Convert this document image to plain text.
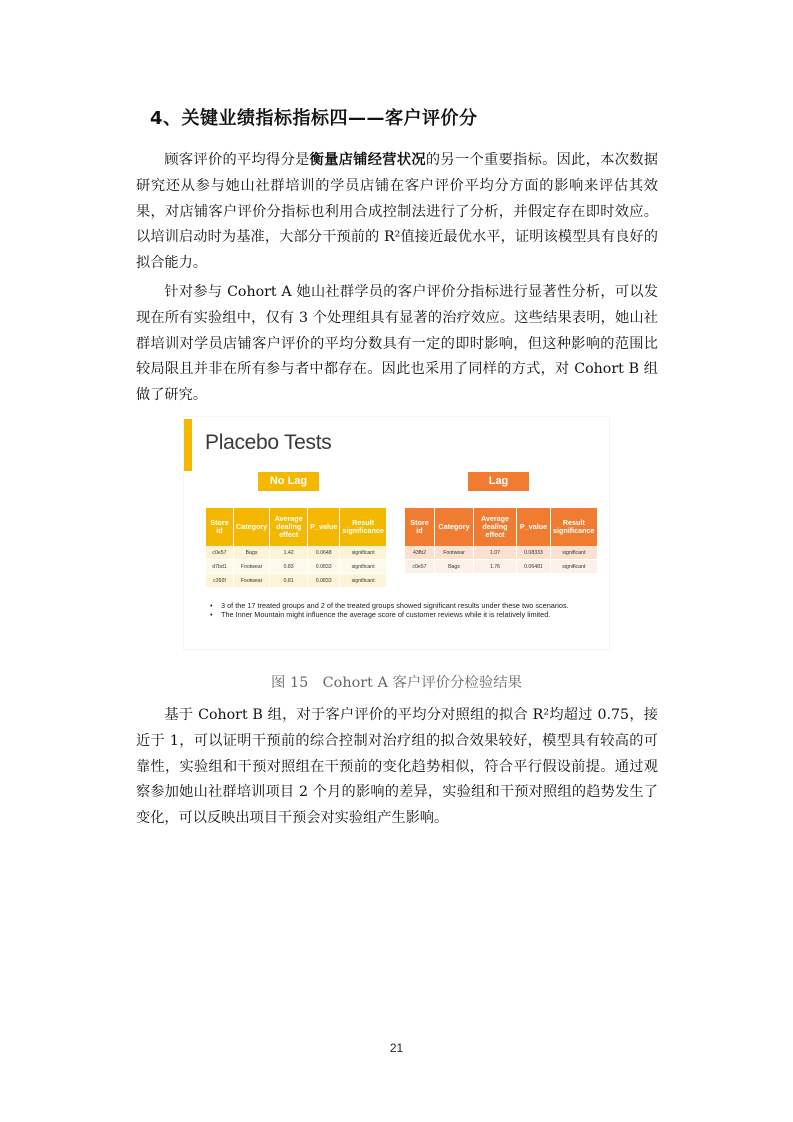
4、关键业绩指标指标四——客户评价分

顾客评价的平均得分是衡量店铺经营状况的另一个重要指标。因此，本次数据研究还从参与她山社群培训的学员店铺在客户评价平均分方面的影响来评估其效果，对店铺客户评价分指标也利用合成控制法进行了分析，并假定存在即时效应。以培训启动时为基准，大部分干预前的 R²值接近最优水平，证明该模型具有良好的拟合能力。

针对参与 Cohort A 她山社群学员的客户评价分指标进行显著性分析，可以发现在所有实验组中，仅有 3 个处理组具有显著的治疗效应。这些结果表明，她山社群培训对学员店铺客户评价的平均分数具有一定的即时影响，但这种影响的范围比较局限且并非在所有参与者中都存在。因此也采用了同样的方式，对 Cohort B 组做了研究。

Placebo Tests
No Lag	Lag
Store id	Category	Average dealing effect	P_value	Result significance
c0e57	Bags	1.42	0.0648	significant
d7bd1	Footwear	0.83	0.0833	significant
c392f	Footwear	0.81	0.0833	significant
Store id	Category	Average dealing effect	P_value	Result significance
43fb2	Footwear	1.07	0.08333	significant
c0e57	Bags	1.76	0.06481	significant
• 3 of the 17 treated groups and 2 of the treated groups showed significant results under these two scenarios.
• The Inner Mountain might influence the average score of customer reviews while it is relatively limited.
图 15　Cohort A 客户评价分检验结果

基于 Cohort B 组，对于客户评价的平均分对照组的拟合 R²均超过 0.75，接近于 1，可以证明干预前的综合控制对治疗组的拟合效果较好，模型具有较高的可靠性，实验组和干预对照组在干预前的变化趋势相似，符合平行假设前提。通过观察参加她山社群培训项目 2 个月的影响的差异，实验组和干预对照组的趋势发生了变化，可以反映出项目干预会对实验组产生影响。

21
